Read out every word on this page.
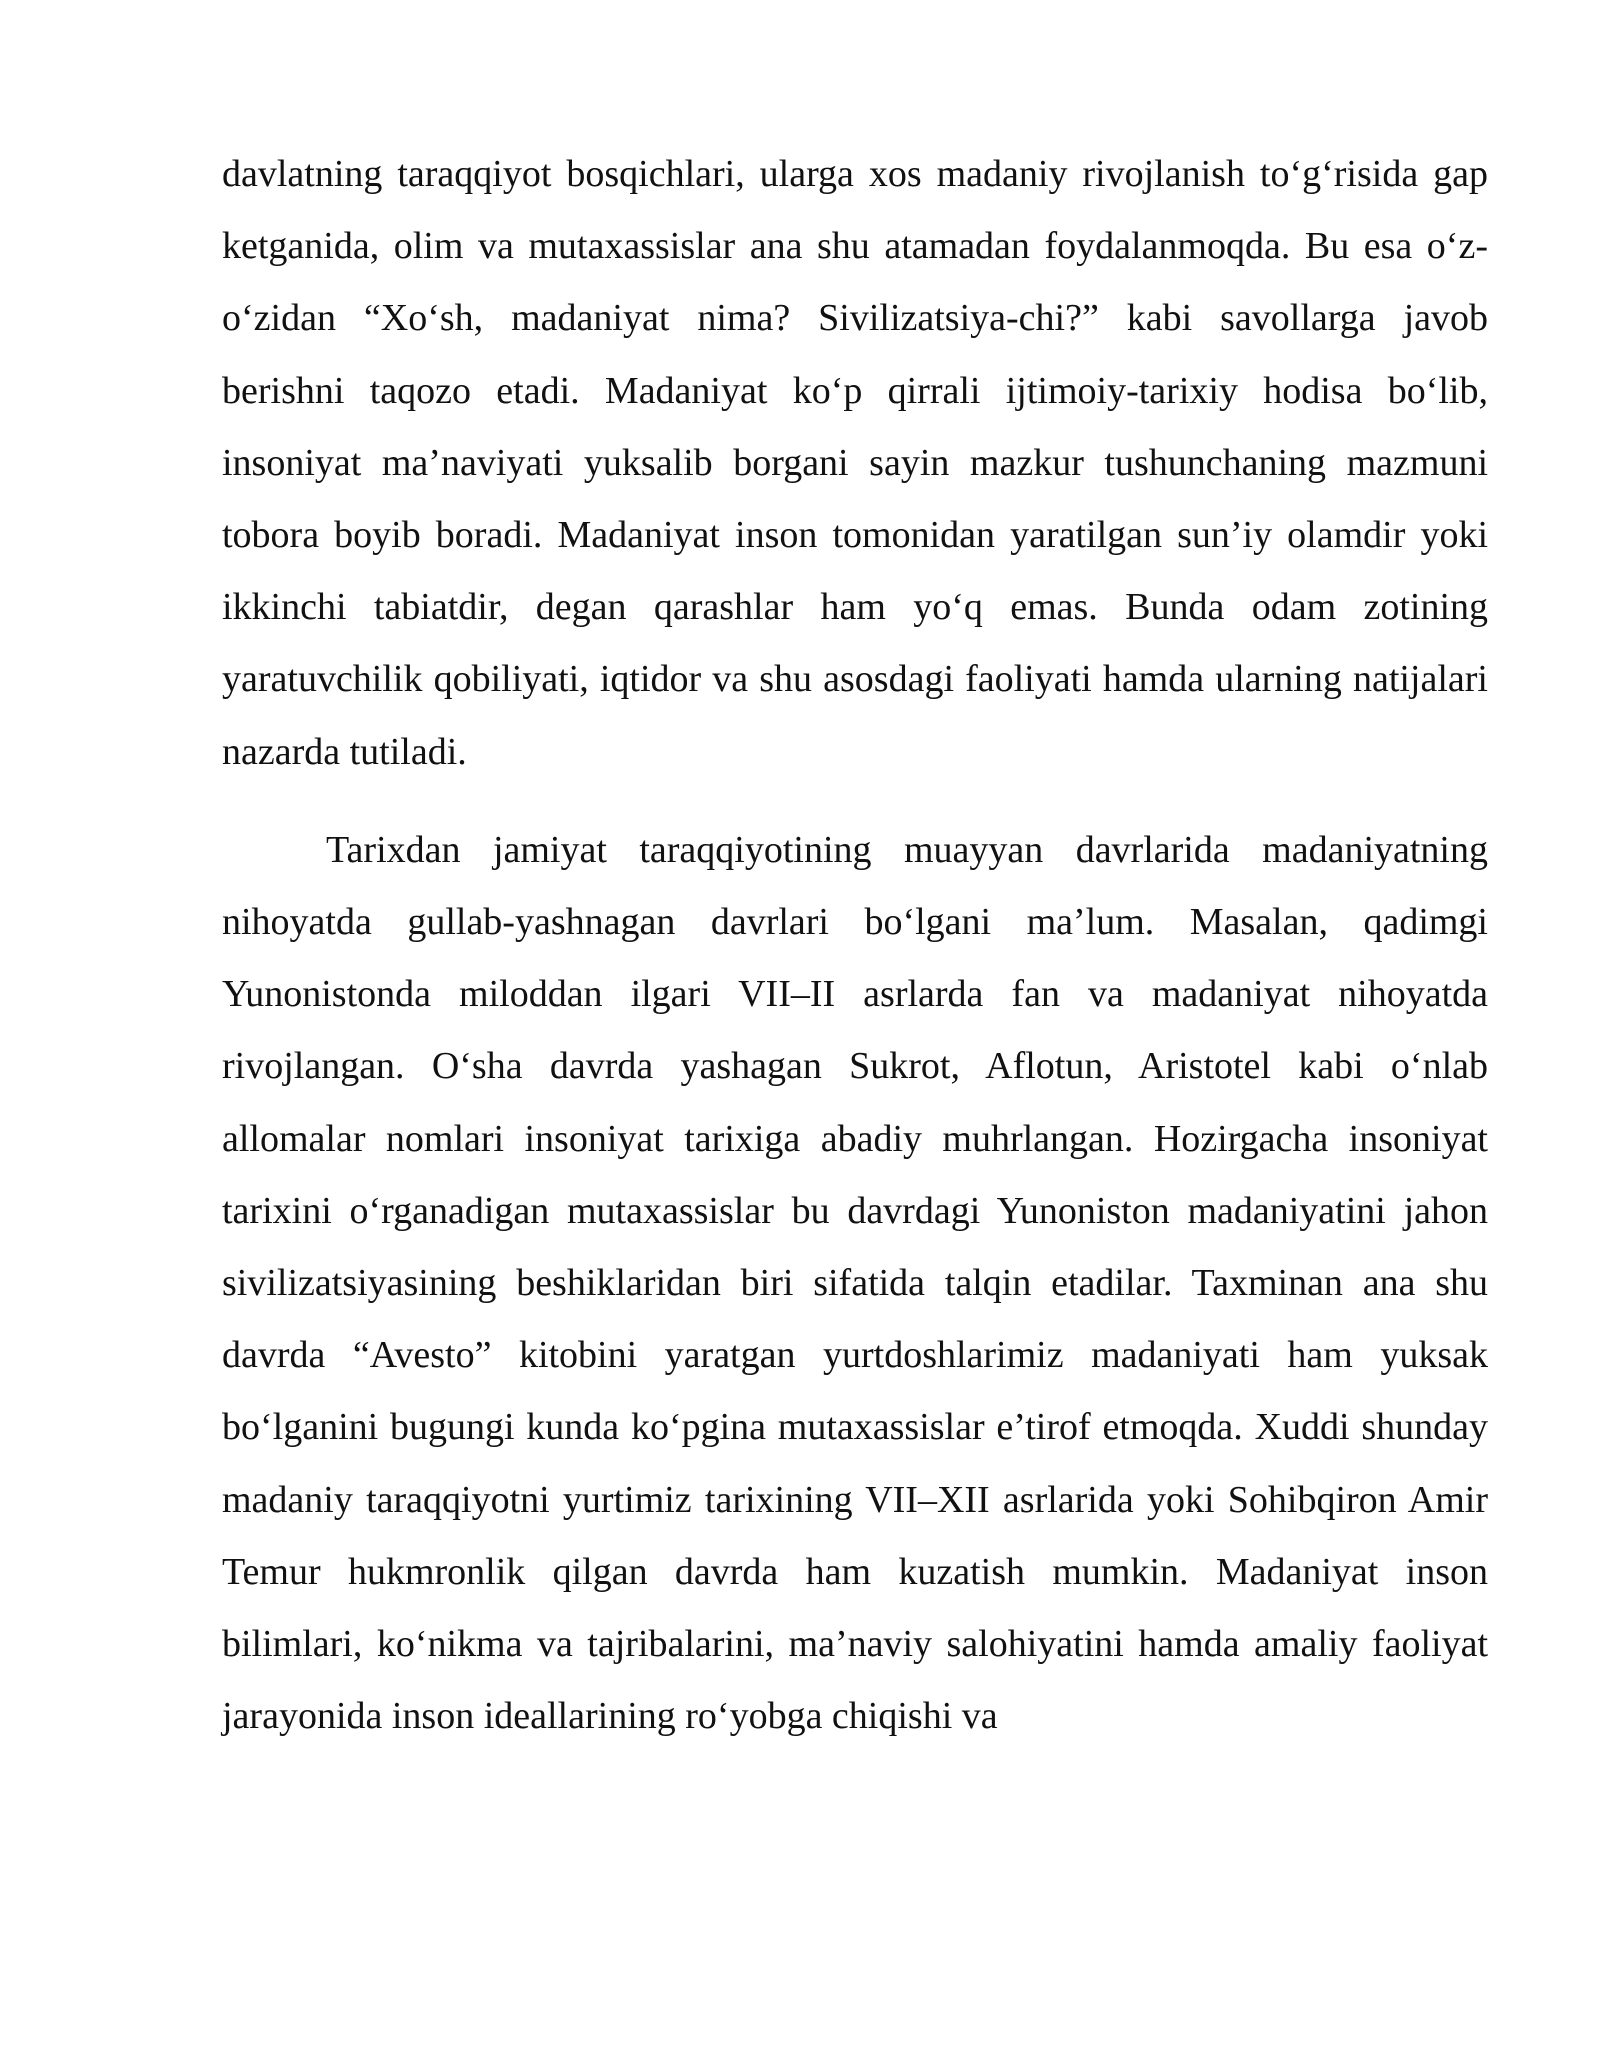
davlatning taraqqiyot bosqichlari, ularga xos madaniy rivojlanish to‘g‘risida gap ketganida, olim va mutaxassislar ana shu atamadan foydalanmoqda. Bu esa o‘z-o‘zidan “Xo‘sh, madaniyat nima? Sivilizatsiya-chi?” kabi savollarga javob berishni taqozo etadi. Madaniyat ko‘p qirrali ijtimoiy-tarixiy hodisa bo‘lib, insoniyat ma’naviyati yuksalib borgani sayin mazkur tushunchaning mazmuni tobora boyib boradi. Madaniyat inson tomonidan yaratilgan sun’iy olamdir yoki ikkinchi tabiatdir, degan qarashlar ham yo‘q emas. Bunda odam zotining yaratuvchilik qobiliyati, iqtidor va shu asosdagi faoliyati hamda ularning natijalari nazarda tutiladi.

Tarixdan jamiyat taraqqiyotining muayyan davrlarida madaniyatning nihoyatda gullab-yashnagan davrlari bo‘lgani ma’lum. Masalan, qadimgi Yunonistonda miloddan ilgari VII–II asrlarda fan va madaniyat nihoyatda rivojlangan. O‘sha davrda yashagan Sukrot, Aflotun, Aristotel kabi o‘nlab allomalar nomlari insoniyat tarixiga abadiy muhrlangan. Hozirgacha insoniyat tarixini o‘rganadigan mutaxassislar bu davrdagi Yunoniston madaniyatini jahon sivilizatsiyasining beshiklaridan biri sifatida talqin etadilar. Taxminan ana shu davrda “Avesto” kitobini yaratgan yurtdoshlarimiz madaniyati ham yuksak bo‘lganini bugungi kunda ko‘pgina mutaxassislar e’tirof etmoqda. Xuddi shunday madaniy taraqqiyotni yurtimiz tarixining VII–XII asrlarida yoki Sohibqiron Amir Temur hukmronlik qilgan davrda ham kuzatish mumkin. Madaniyat inson bilimlari, ko‘nikma va tajribalarini, ma’naviy salohiyatini hamda amaliy faoliyat jarayonida inson ideallarining ro‘yobga chiqishi va
